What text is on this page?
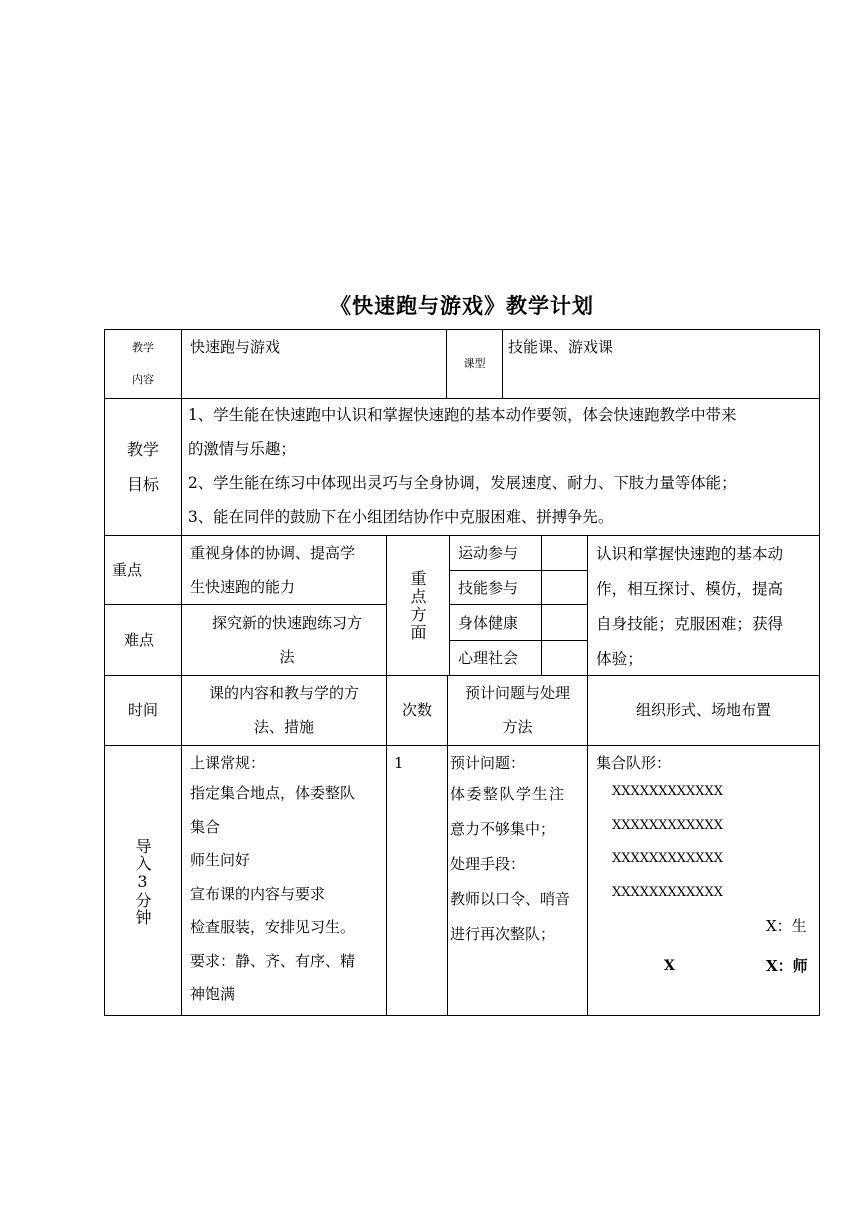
《快速跑与游戏》教学计划
教学
内容
快速跑与游戏
课型
技能课、游戏课
教学
目标
1、学生能在快速跑中认识和掌握快速跑的基本动作要领，体会快速跑教学中带来
的激情与乐趣；
2、学生能在练习中体现出灵巧与全身协调，发展速度、耐力、下肢力量等体能；
3、能在同伴的鼓励下在小组团结协作中克服困难、拼搏争先。
重点
重视身体的协调、提高学
生快速跑的能力
难点
探究新的快速跑练习方
法
重点方面
运动参与
技能参与
身体健康
心理社会
认识和掌握快速跑的基本动
作，相互探讨、模仿，提高
自身技能；克服困难；获得
体验；
时间
课的内容和教与学的方
法、措施
次数
预计问题与处理
方法
组织形式、场地布置
导入3分钟
上课常规：
指定集合地点，体委整队
集合
师生问好
宣布课的内容与要求
检查服装，安排见习生。
要求：静、齐、有序、精
神饱满
1	预计问题：
体委整队学生注
意力不够集中；
处理手段：
教师以口令、哨音
进行再次整队；
集合队形：
XXXXXXXXXXXX
XXXXXXXXXXXX
XXXXXXXXXXXX
XXXXXXXXXXXX
X：生
X	X：师
